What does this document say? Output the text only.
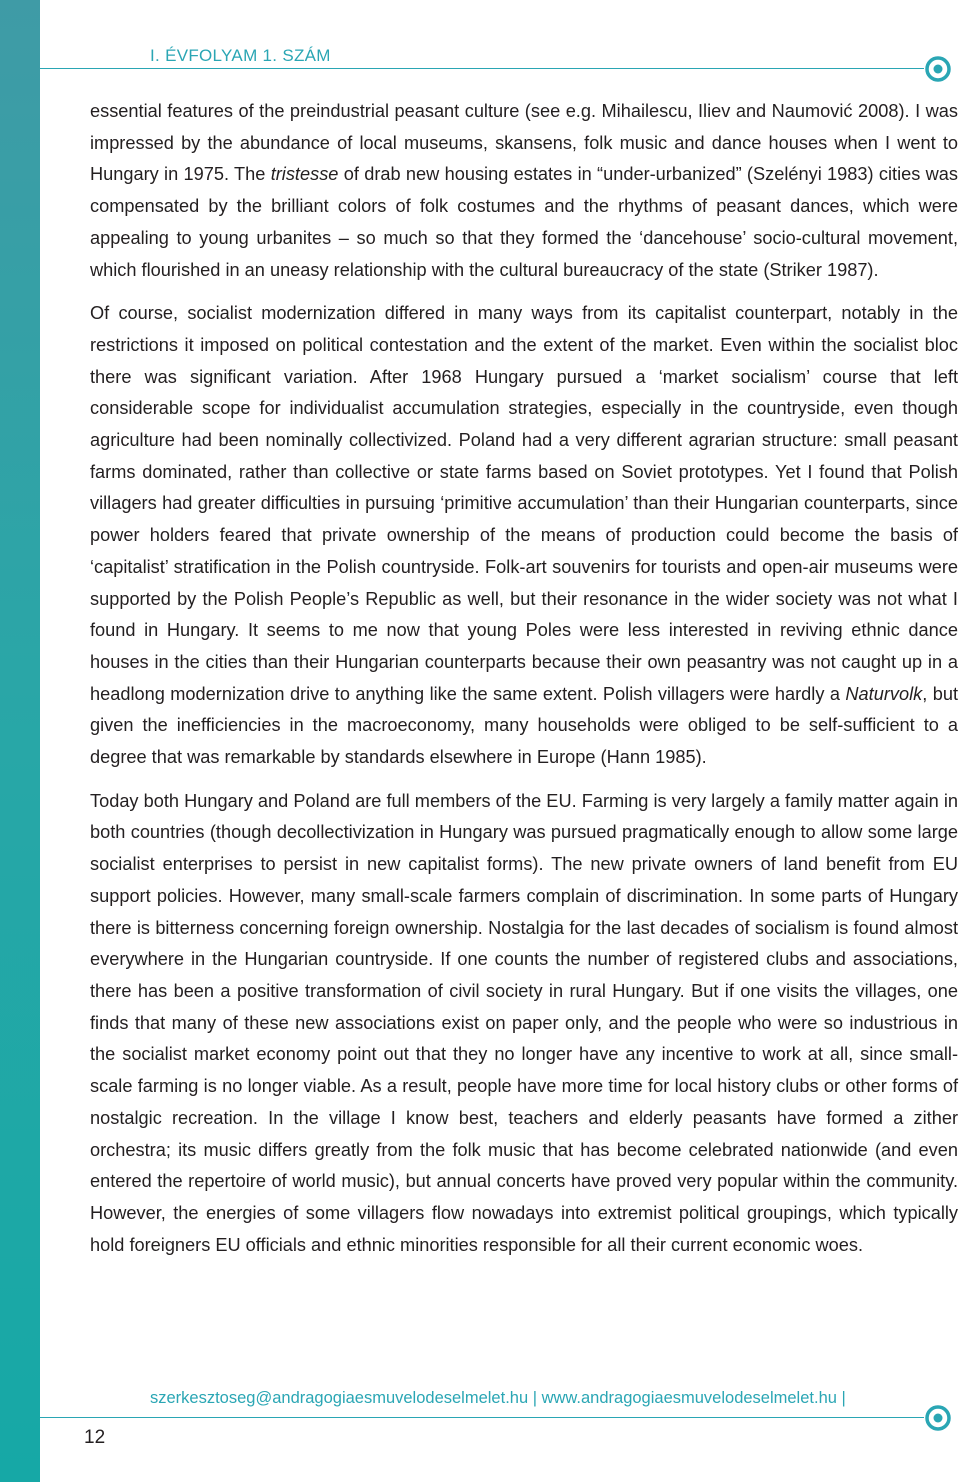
I. ÉVFOLYAM 1. SZÁM

essential features of the preindustrial peasant culture (see e.g. Mihailescu, Iliev and Naumović 2008). I was impressed by the abundance of local museums, skansens, folk music and dance houses when I went to Hungary in 1975. The tristesse of drab new housing estates in “under-urbanized” (Szelényi 1983) cities was compensated by the brilliant colors of folk costumes and the rhythms of peasant dances, which were appealing to young urbanites – so much so that they formed the ‘dancehouse’ socio-cultural movement, which flourished in an uneasy relationship with the cultural bureaucracy of the state (Striker 1987).

Of course, socialist modernization differed in many ways from its capitalist counterpart, notably in the restrictions it imposed on political contestation and the extent of the market. Even within the socialist bloc there was significant variation. After 1968 Hungary pursued a ‘market socialism’ course that left considerable scope for individualist accumulation strategies, especially in the countryside, even though agriculture had been nominally collectivized. Poland had a very different agrarian structure: small peasant farms dominated, rather than collective or state farms based on Soviet prototypes. Yet I found that Polish villagers had greater difficulties in pursuing ‘primitive accumulation’ than their Hungarian counterparts, since power holders feared that private ownership of the means of production could become the basis of ‘capitalist’ stratification in the Polish countryside. Folk-art souvenirs for tourists and open-air museums were supported by the Polish People’s Republic as well, but their resonance in the wider society was not what I found in Hungary. It seems to me now that young Poles were less interested in reviving ethnic dance houses in the cities than their Hungarian counterparts because their own peasantry was not caught up in a headlong modernization drive to anything like the same extent. Polish villagers were hardly a Naturvolk, but given the inefficiencies in the macroeconomy, many households were obliged to be self-sufficient to a degree that was remarkable by standards elsewhere in Europe (Hann 1985).

Today both Hungary and Poland are full members of the EU. Farming is very largely a family matter again in both countries (though decollectivization in Hungary was pursued pragmatically enough to allow some large socialist enterprises to persist in new capitalist forms). The new private owners of land benefit from EU support policies. However, many small-scale farmers complain of discrimination. In some parts of Hungary there is bitterness concerning foreign ownership. Nostalgia for the last decades of socialism is found almost everywhere in the Hungarian countryside. If one counts the number of registered clubs and associations, there has been a positive transformation of civil society in rural Hungary. But if one visits the villages, one finds that many of these new associations exist on paper only, and the people who were so industrious in the socialist market economy point out that they no longer have any incentive to work at all, since small-scale farming is no longer viable. As a result, people have more time for local history clubs or other forms of nostalgic recreation. In the village I know best, teachers and elderly peasants have formed a zither orchestra; its music differs greatly from the folk music that has become celebrated nationwide (and even entered the repertoire of world music), but annual concerts have proved very popular within the community. However, the energies of some villagers flow nowadays into extremist political groupings, which typically hold foreigners EU officials and ethnic minorities responsible for all their current economic woes.

szerkesztoseg@andragogiaesmuvelodeselmelet.hu | www.andragogiaesmuvelodeselmelet.hu |
12
